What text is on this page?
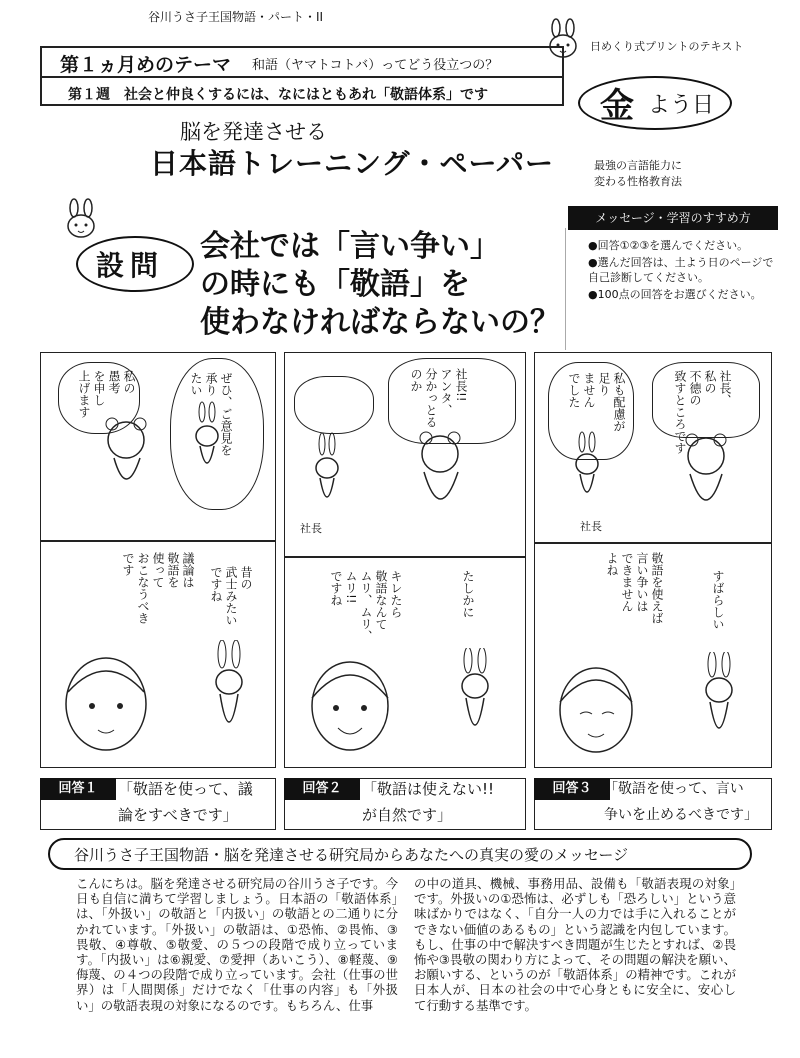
谷川うさ子王国物語・パート・II
日めくり式プリントのテキスト
第１ヵ月めのテーマ 和語（ヤマトコトバ）ってどう役立つの？
第１週　社会と仲良くするには、なにはともあれ「敬語体系」です	金 よう日
脳を発達させる
日本語トレーニング・ペーパー	最強の言語能力に
変わる性格教育法
メッセージ・学習のすすめ方
●回答①②③を選んでください。
●選んだ回答は、土よう日のページで自己診断してください。
●100点の回答をお選びください。
設問
会社では「言い争い」
の時にも「敬語」を
使わなければならないの？
私の
愚考
を申し
上げます	ぜひ、ご意見を
承り
たい
議論は
敬語を
使って
おこなうべき
です
昔の
武士みたい
ですね
社長!!
アンタ、
分かっとる
のか
社長
キレたら
敬語なんて
ムリ、ムリ、
ムリ!!
ですね	たしかに
私も配慮が
足り
ません
でした	社長、
私の
不徳の
致すところです
社長
敬語を使えば
言い争いは
できません
よね
すばらしい
回答１	「敬語を使って、議
論をすべきです」
回答２	「敬語は使えない!!
が自然です」
回答３ 「敬語を使って、言い
争いを止めるべきです」
谷川うさ子王国物語・脳を発達させる研究局からあなたへの真実の愛のメッセージ
こんにちは。脳を発達させる研究局の谷川うさ子です。今日も自信に満ちて学習しましょう。日本語の「敬語体系」は、「外扱い」の敬語と「内扱い」の敬語との二通りに分かれています。「外扱い」の敬語は、①恐怖、②畏怖、③畏敬、④尊敬、⑤敬愛、の５つの段階で成り立っています。「内扱い」は⑥親愛、⑦愛押（あいこう）、⑧軽蔑、⑨侮蔑、の４つの段階で成り立っています。会社（仕事の世界）は「人間関係」だけでなく「仕事の内容」も「外扱い」の敬語表現の対象になるのです。もちろん、仕事
の中の道具、機械、事務用品、設備も「敬語表現の対象」です。外扱いの①恐怖は、必ずしも「恐ろしい」という意味ばかりではなく、「自分一人の力では手に入れることができない価値のあるもの」という認識を内包しています。もし、仕事の中で解決すべき問題が生じたとすれば、②畏怖や③畏敬の関わり方によって、その問題の解決を願い、お願いする、というのが「敬語体系」の精神です。これが日本人が、日本の社会の中で心身ともに安全に、安心して行動する基準です。
